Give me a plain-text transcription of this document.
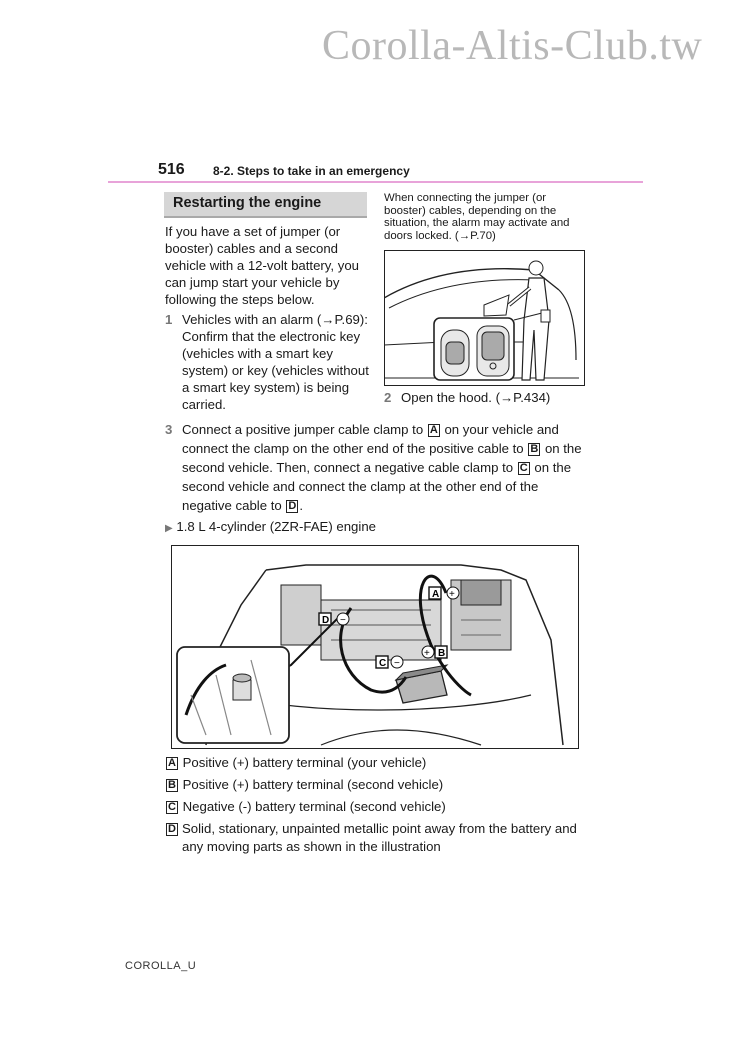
Corolla-Altis-Club.tw
516 8-2. Steps to take in an emergency
Restarting the engine
If you have a set of jumper (or booster) cables and a second vehicle with a 12-volt battery, you can jump start your vehicle by following the steps below.
1 Vehicles with an alarm (→P.69): Confirm that the electronic key (vehicles with a smart key system) or key (vehicles without a smart key system) is being carried.
When connecting the jumper (or booster) cables, depending on the situation, the alarm may activate and doors locked. (→P.70)
2 Open the hood. (→P.434)
3 Connect a positive jumper cable clamp to A on your vehicle and connect the clamp on the other end of the positive cable to B on the second vehicle. Then, connect a negative cable clamp to C on the second vehicle and connect the clamp at the other end of the negative cable to D .
▶ 1.8 L 4-cylinder (2ZR-FAE) engine
A +
D −
C −
+ B
A Positive (+) battery terminal (your vehicle)
B Positive (+) battery terminal (second vehicle)
C Negative (-) battery terminal (second vehicle)
D Solid, stationary, unpainted metallic point away from the battery and any moving parts as shown in the illustration
COROLLA_U
